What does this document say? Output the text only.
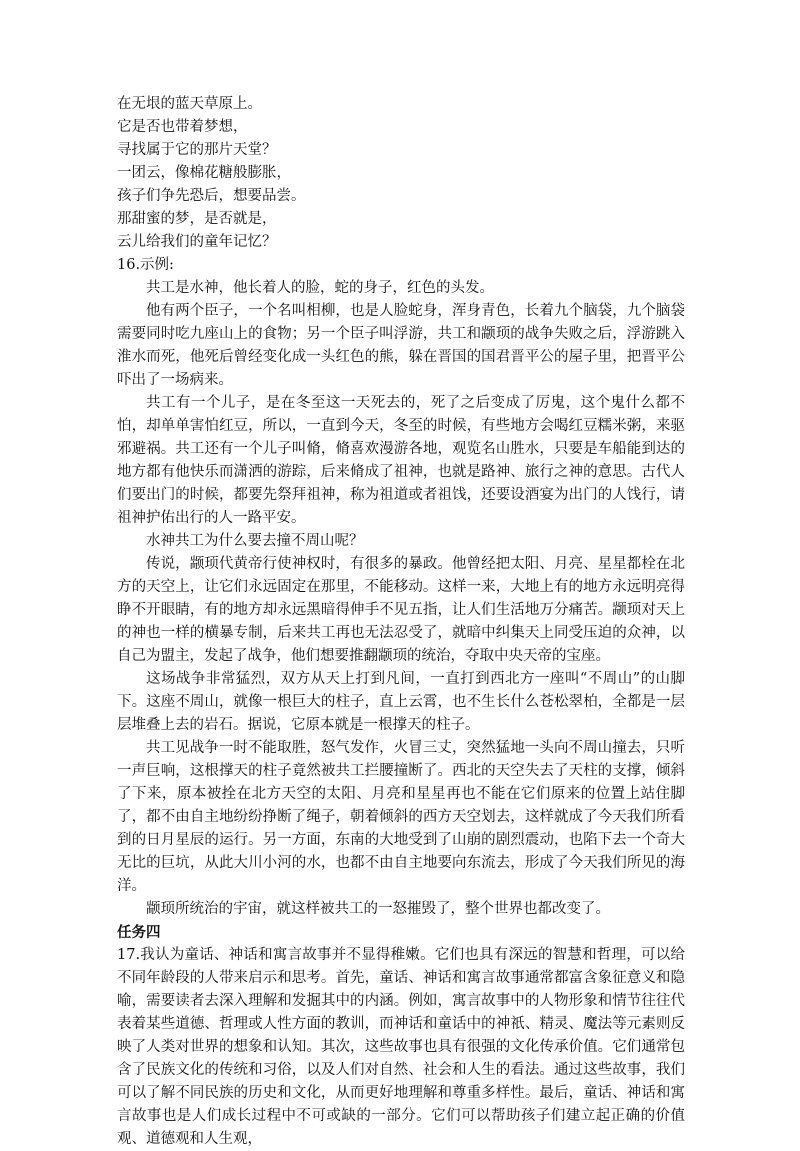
在无垠的蓝天草原上。
它是否也带着梦想，
寻找属于它的那片天堂？
一团云，像棉花糖般膨胀，
孩子们争先恐后，想要品尝。
那甜蜜的梦，是否就是，
云儿给我们的童年记忆？
16.示例:

共工是水神，他长着人的脸，蛇的身子，红色的头发。

他有两个臣子，一个名叫相柳，也是人脸蛇身，浑身青色，长着九个脑袋，九个脑袋需要同时吃九座山上的食物；另一个臣子叫浮游，共工和颛顼的战争失败之后，浮游跳入淮水而死，他死后曾经变化成一头红色的熊，躲在晋国的国君晋平公的屋子里，把晋平公吓出了一场病来。

共工有一个儿子，是在冬至这一天死去的，死了之后变成了厉鬼，这个鬼什么都不怕，却单单害怕红豆，所以，一直到今天，冬至的时候，有些地方会喝红豆糯米粥，来驱邪避祸。共工还有一个儿子叫脩，脩喜欢漫游各地，观览名山胜水，只要是车船能到达的地方都有他快乐而潇洒的游踪，后来脩成了祖神，也就是路神、旅行之神的意思。古代人们要出门的时候，都要先祭拜祖神，称为祖道或者祖饯，还要设酒宴为出门的人饯行，请祖神护佑出行的人一路平安。

水神共工为什么要去撞不周山呢？

传说，颛顼代黄帝行使神权时，有很多的暴政。他曾经把太阳、月亮、星星都栓在北方的天空上，让它们永远固定在那里，不能移动。这样一来，大地上有的地方永远明亮得睁不开眼睛，有的地方却永远黑暗得伸手不见五指，让人们生活地万分痛苦。颛顼对天上的神也一样的横暴专制，后来共工再也无法忍受了，就暗中纠集天上同受压迫的众神，以自己为盟主，发起了战争，他们想要推翻颛顼的统治，夺取中央天帝的宝座。

这场战争非常猛烈，双方从天上打到凡间，一直打到西北方一座叫“不周山”的山脚下。这座不周山，就像一根巨大的柱子，直上云霄，也不生长什么苍松翠柏，全都是一层层堆叠上去的岩石。据说，它原本就是一根撑天的柱子。

共工见战争一时不能取胜，怒气发作，火冒三丈，突然猛地一头向不周山撞去，只听一声巨响，这根撑天的柱子竟然被共工拦腰撞断了。西北的天空失去了天柱的支撑，倾斜了下来，原本被拴在北方天空的太阳、月亮和星星再也不能在它们原来的位置上站住脚了，都不由自主地纷纷挣断了绳子，朝着倾斜的西方天空划去，这样就成了今天我们所看到的日月星辰的运行。另一方面，东南的大地受到了山崩的剧烈震动，也陷下去一个奇大无比的巨坑，从此大川小河的水，也都不由自主地要向东流去，形成了今天我们所见的海洋。

颛顼所统治的宇宙，就这样被共工的一怒摧毁了，整个世界也都改变了。

任务四

17.我认为童话、神话和寓言故事并不显得稚嫩。它们也具有深远的智慧和哲理，可以给不同年龄段的人带来启示和思考。首先，童话、神话和寓言故事通常都富含象征意义和隐喻，需要读者去深入理解和发掘其中的内涵。例如，寓言故事中的人物形象和情节往往代表着某些道德、哲理或人性方面的教训，而神话和童话中的神祇、精灵、魔法等元素则反映了人类对世界的想象和认知。其次，这些故事也具有很强的文化传承价值。它们通常包含了民族文化的传统和习俗，以及人们对自然、社会和人生的看法。通过这些故事，我们可以了解不同民族的历史和文化，从而更好地理解和尊重多样性。最后，童话、神话和寓言故事也是人们成长过程中不可或缺的一部分。它们可以帮助孩子们建立起正确的价值观、道德观和人生观，
